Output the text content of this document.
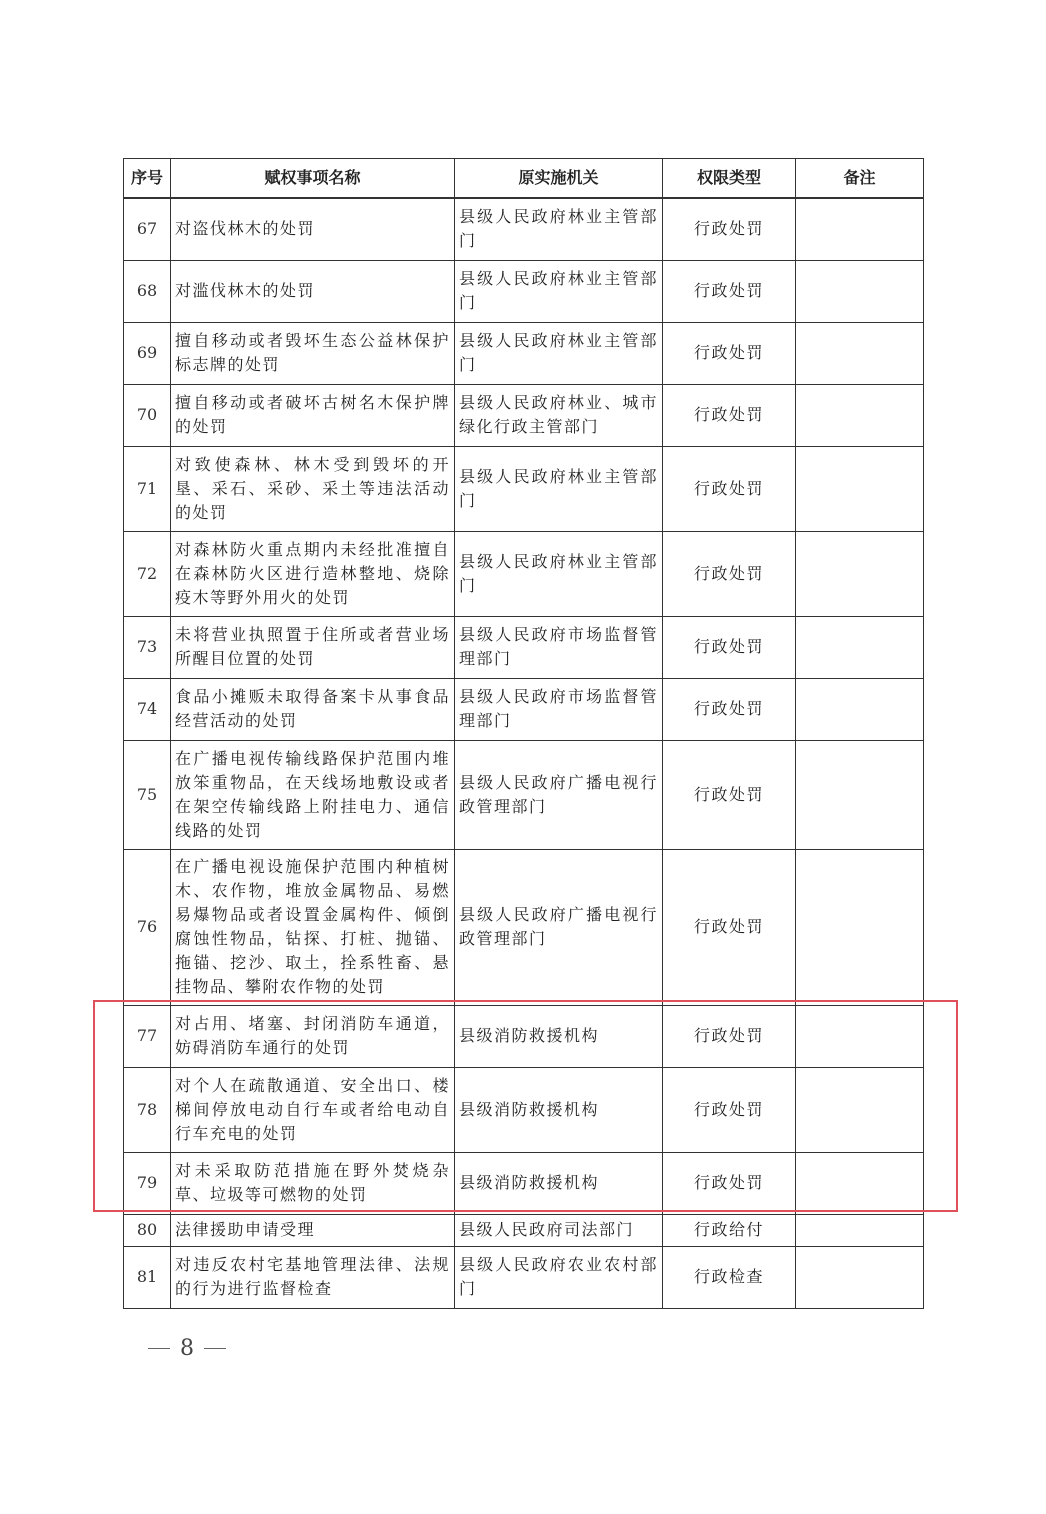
序号	赋权事项名称	原实施机关	权限类型	备注
67	对盗伐林木的处罚	县级人民政府林业主管部门	行政处罚	
68	对滥伐林木的处罚	县级人民政府林业主管部门	行政处罚	
69	擅自移动或者毁坏生态公益林保护标志牌的处罚	县级人民政府林业主管部门	行政处罚	
70	擅自移动或者破坏古树名木保护牌的处罚	县级人民政府林业、城市绿化行政主管部门	行政处罚	
71	对致使森林、林木受到毁坏的开垦、采石、采砂、采土等违法活动的处罚	县级人民政府林业主管部门	行政处罚	
72	对森林防火重点期内未经批准擅自在森林防火区进行造林整地、烧除疫木等野外用火的处罚	县级人民政府林业主管部门	行政处罚	
73	未将营业执照置于住所或者营业场所醒目位置的处罚	县级人民政府市场监督管理部门	行政处罚	
74	食品小摊贩未取得备案卡从事食品经营活动的处罚	县级人民政府市场监督管理部门	行政处罚	
75	在广播电视传输线路保护范围内堆放笨重物品，在天线场地敷设或者在架空传输线路上附挂电力、通信线路的处罚	县级人民政府广播电视行政管理部门	行政处罚	
76	在广播电视设施保护范围内种植树木、农作物，堆放金属物品、易燃易爆物品或者设置金属构件、倾倒腐蚀性物品，钻探、打桩、抛锚、拖锚、挖沙、取土，拴系牲畜、悬挂物品、攀附农作物的处罚	县级人民政府广播电视行政管理部门	行政处罚	
77	对占用、堵塞、封闭消防车通道，妨碍消防车通行的处罚	县级消防救援机构	行政处罚	
78	对个人在疏散通道、安全出口、楼梯间停放电动自行车或者给电动自行车充电的处罚	县级消防救援机构	行政处罚	
79	对未采取防范措施在野外焚烧杂草、垃圾等可燃物的处罚	县级消防救援机构	行政处罚	
80	法律援助申请受理	县级人民政府司法部门	行政给付	
81	对违反农村宅基地管理法律、法规的行为进行监督检查	县级人民政府农业农村部门	行政检查	
8
